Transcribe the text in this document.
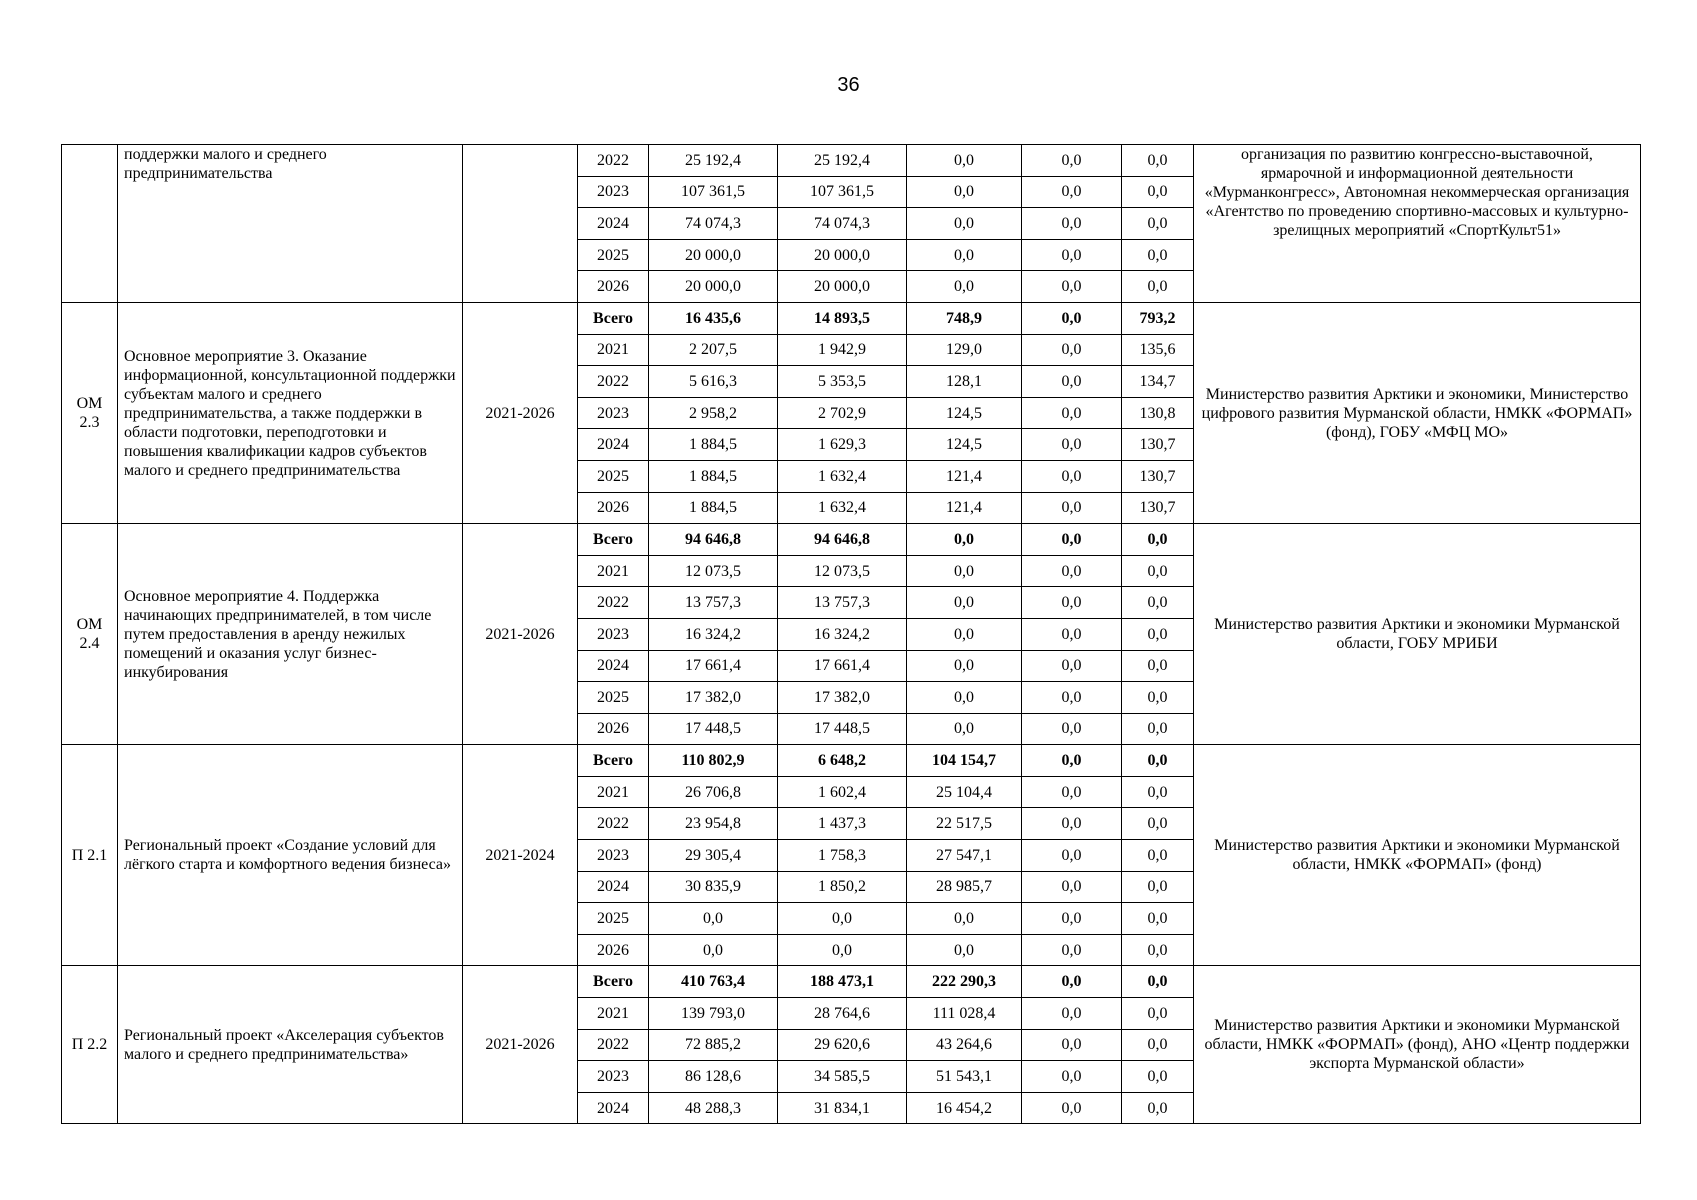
36
	поддержки малого и среднего предпринимательства		2022	25 192,4	25 192,4	0,0	0,0	0,0	организация по развитию конгрессно-выставочной, ярмарочной и информационной деятельности «Мурманконгресс», Автономная некоммерческая организация «Агентство по проведению спортивно-массовых и культурно-зрелищных мероприятий «СпортКульт51»
			2023	107 361,5	107 361,5	0,0	0,0	0,0	
			2024	74 074,3	74 074,3	0,0	0,0	0,0	
			2025	20 000,0	20 000,0	0,0	0,0	0,0	
			2026	20 000,0	20 000,0	0,0	0,0	0,0	
ОМ 2.3	Основное мероприятие 3. Оказание информационной, консультационной поддержки субъектам малого и среднего предпринимательства, а также поддержки в области подготовки, переподготовки и повышения квалификации кадров субъектов малого и среднего предпринимательства	2021-2026	Всего	16 435,6	14 893,5	748,9	0,0	793,2	Министерство развития Арктики и экономики, Министерство цифрового развития Мурманской области, НМКК «ФОРМАП» (фонд), ГОБУ «МФЦ МО»
			2021	2 207,5	1 942,9	129,0	0,0	135,6	
			2022	5 616,3	5 353,5	128,1	0,0	134,7	
			2023	2 958,2	2 702,9	124,5	0,0	130,8	
			2024	1 884,5	1 629,3	124,5	0,0	130,7	
			2025	1 884,5	1 632,4	121,4	0,0	130,7	
			2026	1 884,5	1 632,4	121,4	0,0	130,7	
ОМ 2.4	Основное мероприятие 4. Поддержка начинающих предпринимателей, в том числе путем предоставления в аренду нежилых помещений и оказания услуг бизнес-инкубирования	2021-2026	Всего	94 646,8	94 646,8	0,0	0,0	0,0	Министерство развития Арктики и экономики Мурманской области, ГОБУ МРИБИ
			2021	12 073,5	12 073,5	0,0	0,0	0,0	
			2022	13 757,3	13 757,3	0,0	0,0	0,0	
			2023	16 324,2	16 324,2	0,0	0,0	0,0	
			2024	17 661,4	17 661,4	0,0	0,0	0,0	
			2025	17 382,0	17 382,0	0,0	0,0	0,0	
			2026	17 448,5	17 448,5	0,0	0,0	0,0	
П 2.1	Региональный проект «Создание условий для лёгкого старта и комфортного ведения бизнеса»	2021-2024	Всего	110 802,9	6 648,2	104 154,7	0,0	0,0	Министерство развития Арктики и экономики Мурманской области, НМКК «ФОРМАП» (фонд)
			2021	26 706,8	1 602,4	25 104,4	0,0	0,0	
			2022	23 954,8	1 437,3	22 517,5	0,0	0,0	
			2023	29 305,4	1 758,3	27 547,1	0,0	0,0	
			2024	30 835,9	1 850,2	28 985,7	0,0	0,0	
			2025	0,0	0,0	0,0	0,0	0,0	
			2026	0,0	0,0	0,0	0,0	0,0	
П 2.2	Региональный проект «Акселерация субъектов малого и среднего предпринимательства»	2021-2026	Всего	410 763,4	188 473,1	222 290,3	0,0	0,0	Министерство развития Арктики и экономики Мурманской области, НМКК «ФОРМАП» (фонд), АНО «Центр поддержки экспорта Мурманской области»
			2021	139 793,0	28 764,6	111 028,4	0,0	0,0	
			2022	72 885,2	29 620,6	43 264,6	0,0	0,0	
			2023	86 128,6	34 585,5	51 543,1	0,0	0,0	
			2024	48 288,3	31 834,1	16 454,2	0,0	0,0	
